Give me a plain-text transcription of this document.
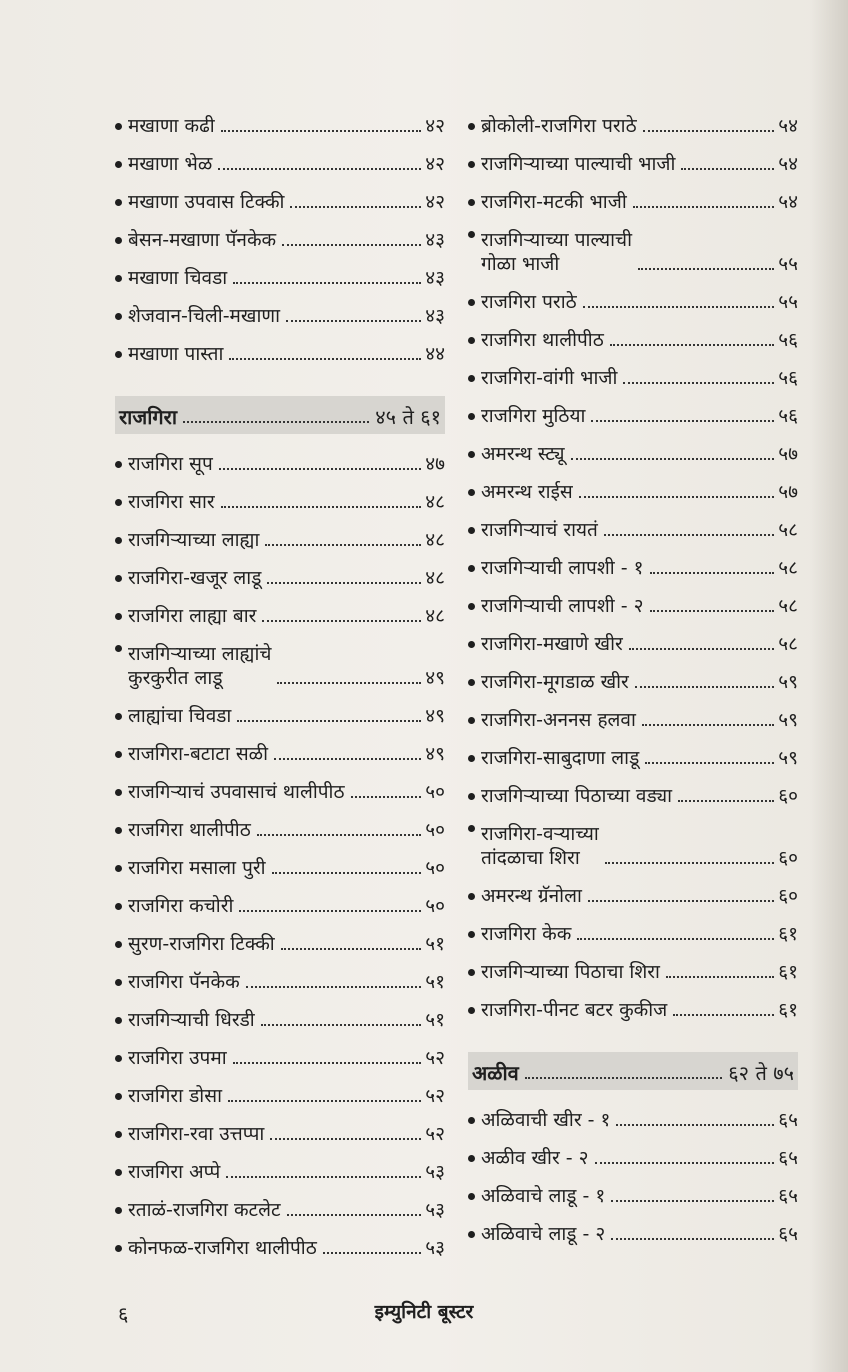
मखाणा कढी	४२
मखाणा भेळ	४२
मखाणा उपवास टिक्की	४२
बेसन-मखाणा पॅनकेक	४३
मखाणा चिवडा	४३
शेजवान-चिली-मखाणा	४३
मखाणा पास्ता	४४
राजगिरा	४५ ते ६१
राजगिरा सूप	४७
राजगिरा सार	४८
राजगिऱ्याच्या लाह्या	४८
राजगिरा-खजूर लाडू	४८
राजगिरा लाह्या बार	४८
राजगिऱ्याच्या लाह्यांचे
कुरकुरीत लाडू	४९
लाह्यांचा चिवडा	४९
राजगिरा-बटाटा सळी	४९
राजगिऱ्याचं उपवासाचं थालीपीठ	५०
राजगिरा थालीपीठ	५०
राजगिरा मसाला पुरी	५०
राजगिरा कचोरी	५०
सुरण-राजगिरा टिक्की	५१
राजगिरा पॅनकेक	५१
राजगिऱ्याची धिरडी	५१
राजगिरा उपमा	५२
राजगिरा डोसा	५२
राजगिरा-रवा उत्तप्पा	५२
राजगिरा अप्पे	५३
रताळं-राजगिरा कटलेट	५३
कोनफळ-राजगिरा थालीपीठ	५३
ब्रोकोली-राजगिरा पराठे	५४
राजगिऱ्याच्या पाल्याची भाजी	५४
राजगिरा-मटकी भाजी	५४
राजगिऱ्याच्या पाल्याची
गोळा भाजी	५५
राजगिरा पराठे	५५
राजगिरा थालीपीठ	५६
राजगिरा-वांगी भाजी	५६
राजगिरा मुठिया	५६
अमरन्थ स्ट्यू	५७
अमरन्थ राईस	५७
राजगिऱ्याचं रायतं	५८
राजगिऱ्याची लापशी - १	५८
राजगिऱ्याची लापशी - २	५८
राजगिरा-मखाणे खीर	५८
राजगिरा-मूगडाळ खीर	५९
राजगिरा-अननस हलवा	५९
राजगिरा-साबुदाणा लाडू	५९
राजगिऱ्याच्या पिठाच्या वड्या	६०
राजगिरा-वऱ्याच्या
तांदळाचा शिरा	६०
अमरन्थ ग्रॅनोला	६०
राजगिरा केक	६१
राजगिऱ्याच्या पिठाचा शिरा	६१
राजगिरा-पीनट बटर कुकीज	६१
अळीव	६२ ते ७५
अळिवाची खीर - १	६५
अळीव खीर - २	६५
अळिवाचे लाडू - १	६५
अळिवाचे लाडू - २	६५
६	इम्युनिटी बूस्टर
